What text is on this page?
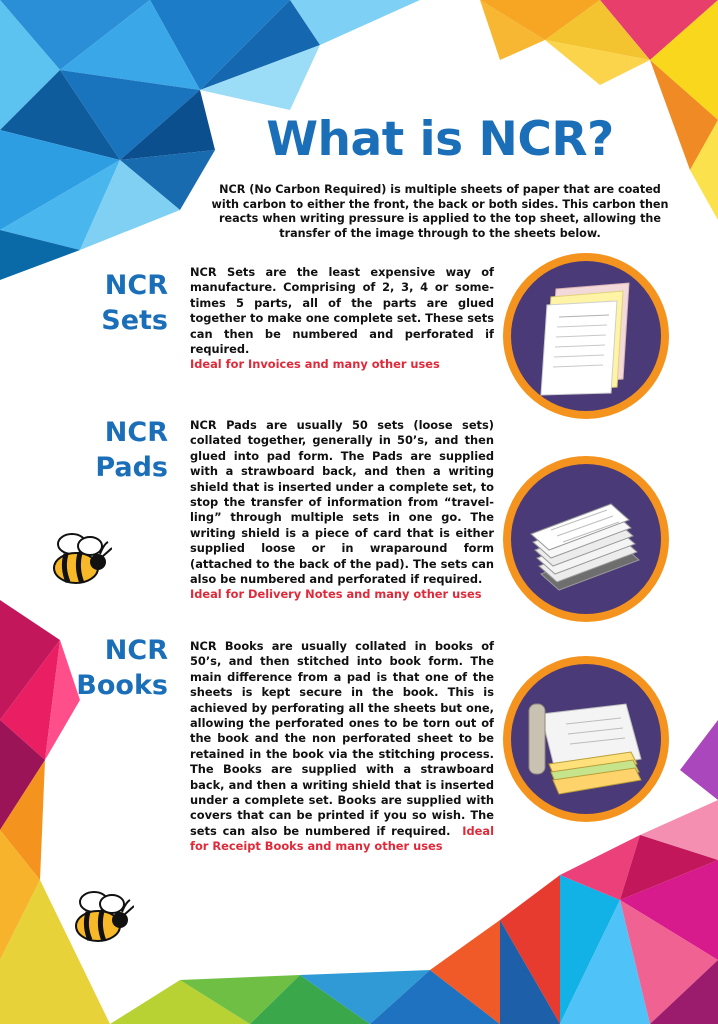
What is NCR?

NCR (No Carbon Required) is multiple sheets of paper that are coated with carbon to either the front, the back or both sides. This carbon then reacts when writing pressure is applied to the top sheet, allowing the transfer of the image through to the sheets below.

NCR
Sets
NCR Sets are the least expensive way of manufacture. Comprising of 2, 3, 4 or sometimes 5 parts, all of the parts are glued together to make one complete set. These sets can then be numbered and perforated if required.
Ideal for Invoices and many other uses
NCR
Pads
NCR Pads are usually 50 sets (loose sets) collated together, generally in 50’s, and then glued into pad form. The Pads are supplied with a strawboard back, and then a writing shield that is inserted under a complete set, to stop the transfer of information from “travelling” through multiple sets in one go. The writing shield is a piece of card that is either supplied loose or in wraparound form (attached to the back of the pad). The sets can also be numbered and perforated if required.
Ideal for Delivery Notes and many other uses
NCR
Books
NCR Books are usually collated in books of 50’s, and then stitched into book form. The main difference from a pad is that one of the sheets is kept secure in the book. This is achieved by perforating all the sheets but one, allowing the perforated ones to be torn out of the book and the non perforated sheet to be retained in the book via the stitching process. The Books are supplied with a strawboard back, and then a writing shield that is inserted under a complete set. Books are supplied with covers that can be printed if you so wish. The sets can also be numbered if required. Ideal for Receipt Books and many other uses
